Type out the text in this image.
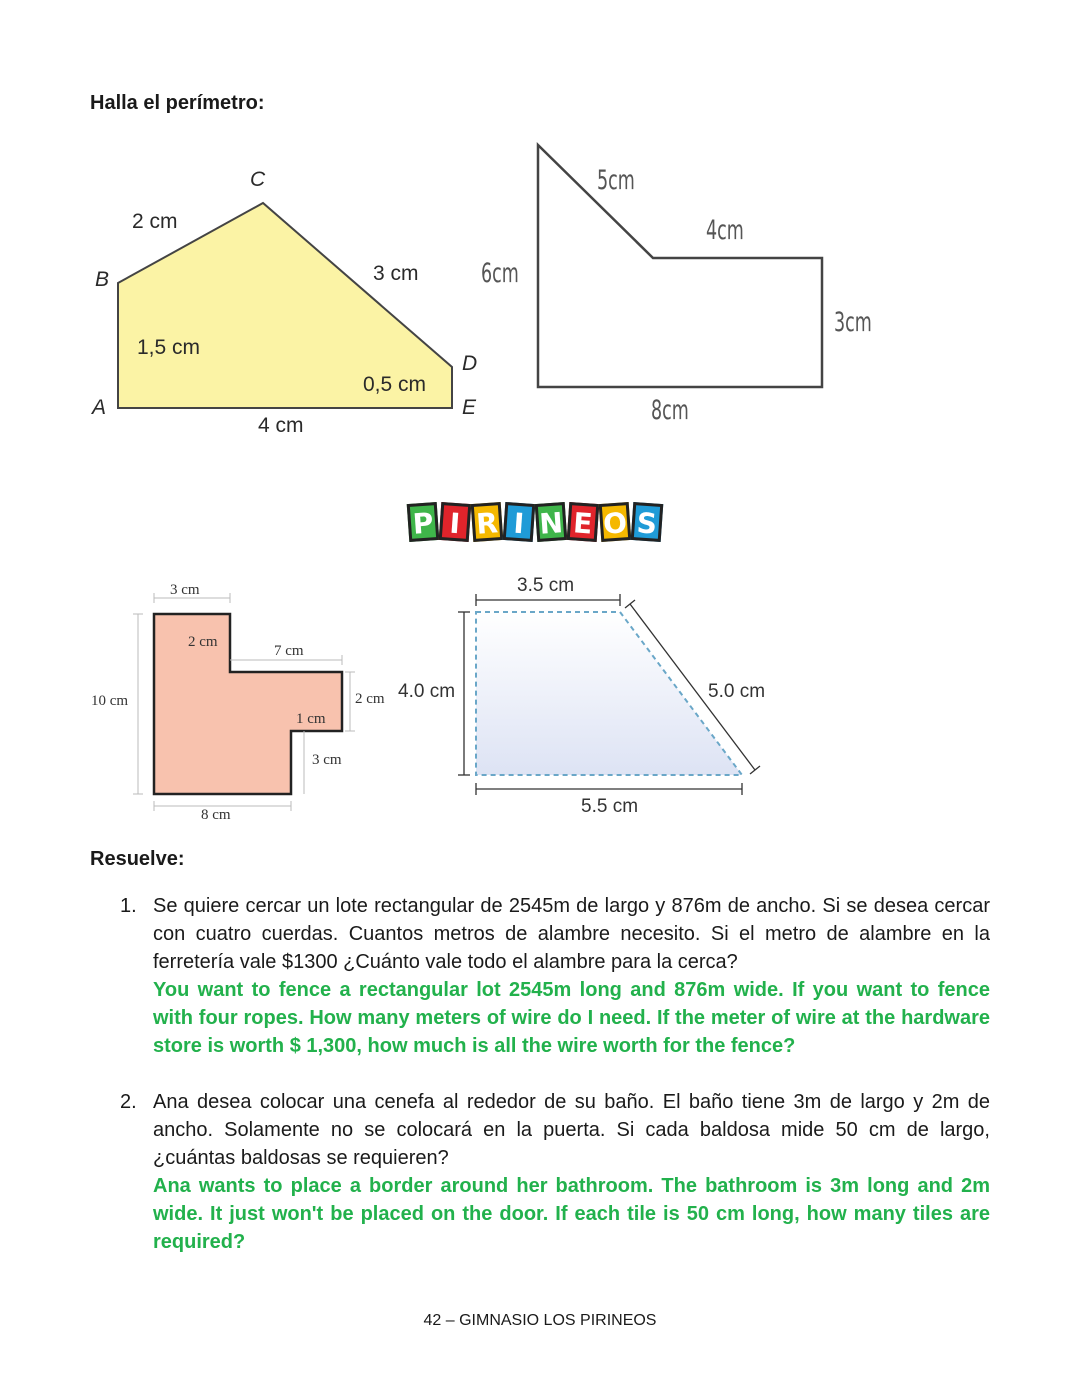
Halla el perímetro:
C
B
A
D
E
2 cm
3 cm
1,5 cm
0,5 cm
4 cm
5cm
4cm
6cm
3cm
8cm
P I R I N E O S
3 cm
2 cm
7 cm
10 cm	2 cm
1 cm
3 cm
8 cm
3.5 cm
4.0 cm	5.0 cm
5.5 cm
Resuelve:
1. Se quiere cercar un lote rectangular de 2545m de largo y 876m de ancho. Si se desea cercar con cuatro cuerdas. Cuantos metros de alambre necesito. Si el metro de alambre en la ferretería vale $1300 ¿Cuánto vale todo el alambre para la cerca?
You want to fence a rectangular lot 2545m long and 876m wide. If you want to fence with four ropes. How many meters of wire do I need. If the meter of wire at the hardware store is worth $ 1,300, how much is all the wire worth for the fence?
2. Ana desea colocar una cenefa al rededor de su baño. El baño tiene 3m de largo y 2m de ancho. Solamente no se colocará en la puerta. Si cada baldosa mide 50 cm de largo, ¿cuántas baldosas se requieren?
Ana wants to place a border around her bathroom. The bathroom is 3m long and 2m wide. It just won't be placed on the door. If each tile is 50 cm long, how many tiles are required?
42 – GIMNASIO LOS PIRINEOS
